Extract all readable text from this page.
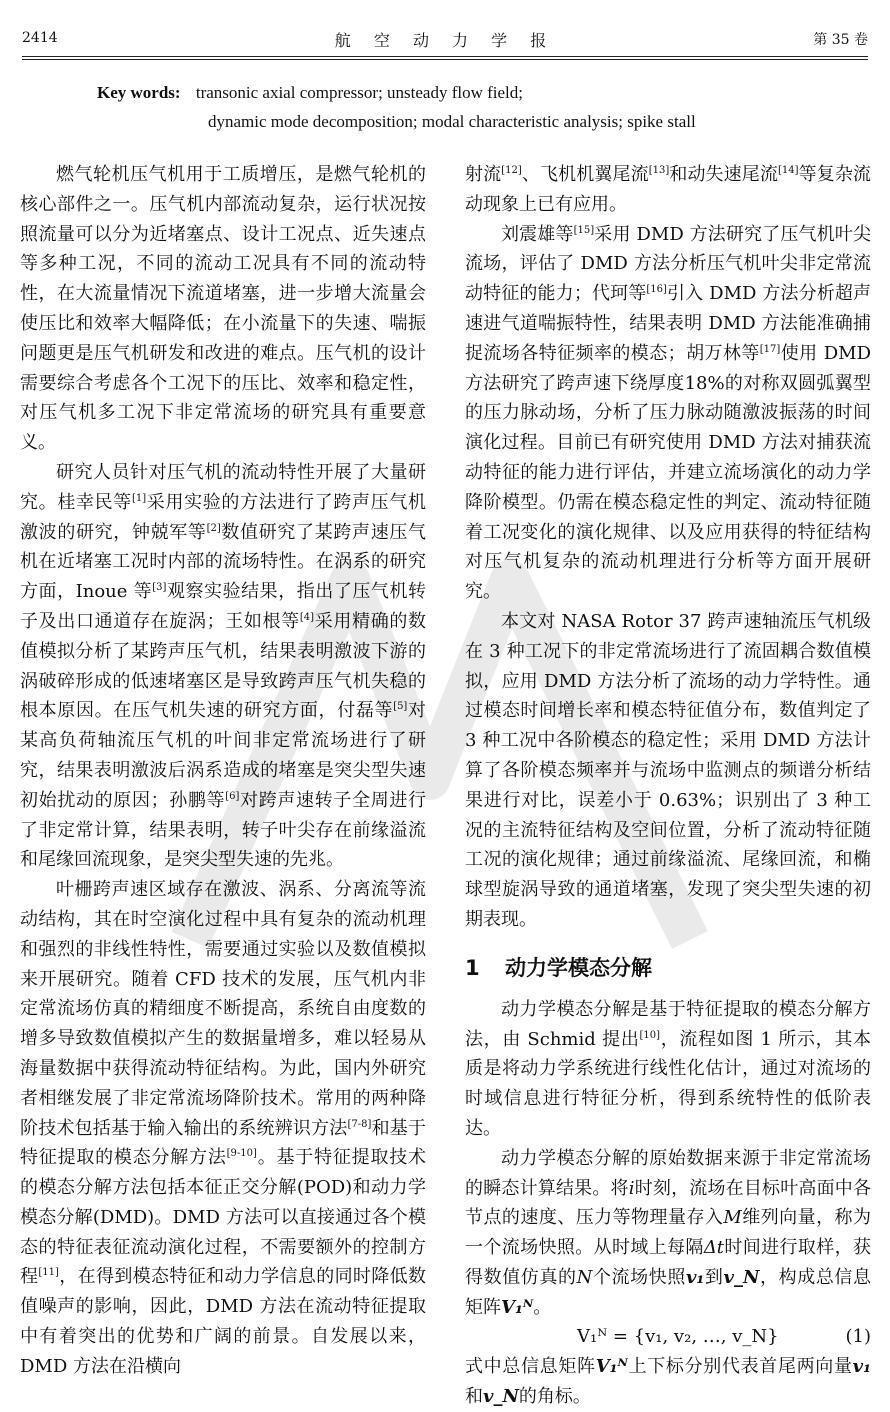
2414	航 空 动 力 学 报	第 35 卷
Key words: transonic axial compressor; unsteady flow field;
dynamic mode decomposition; modal characteristic analysis; spike stall

燃气轮机压气机用于工质增压，是燃气轮机的核心部件之一。压气机内部流动复杂，运行状况按照流量可以分为近堵塞点、设计工况点、近失速点等多种工况，不同的流动工况具有不同的流动特性，在大流量情况下流道堵塞，进一步增大流量会使压比和效率大幅降低；在小流量下的失速、喘振问题更是压气机研发和改进的难点。压气机的设计需要综合考虑各个工况下的压比、效率和稳定性，对压气机多工况下非定常流场的研究具有重要意义。

研究人员针对压气机的流动特性开展了大量研究。桂幸民等[1]采用实验的方法进行了跨声压气机激波的研究，钟兢军等[2]数值研究了某跨声速压气机在近堵塞工况时内部的流场特性。在涡系的研究方面，Inoue 等[3]观察实验结果，指出了压气机转子及出口通道存在旋涡；王如根等[4]采用精确的数值模拟分析了某跨声压气机，结果表明激波下游的涡破碎形成的低速堵塞区是导致跨声压气机失稳的根本原因。在压气机失速的研究方面，付磊等[5]对某高负荷轴流压气机的叶间非定常流场进行了研究，结果表明激波后涡系造成的堵塞是突尖型失速初始扰动的原因；孙鹏等[6]对跨声速转子全周进行了非定常计算，结果表明，转子叶尖存在前缘溢流和尾缘回流现象，是突尖型失速的先兆。

叶栅跨声速区域存在激波、涡系、分离流等流动结构，其在时空演化过程中具有复杂的流动机理和强烈的非线性特性，需要通过实验以及数值模拟来开展研究。随着 CFD 技术的发展，压气机内非定常流场仿真的精细度不断提高，系统自由度数的增多导致数值模拟产生的数据量增多，难以轻易从海量数据中获得流动特征结构。为此，国内外研究者相继发展了非定常流场降阶技术。常用的两种降阶技术包括基于输入输出的系统辨识方法[7-8]和基于特征提取的模态分解方法[9-10]。基于特征提取技术的模态分解方法包括本征正交分解(POD)和动力学模态分解(DMD)。DMD 方法可以直接通过各个模态的特征表征流动演化过程，不需要额外的控制方程[11]，在得到模态特征和动力学信息的同时降低数值噪声的影响，因此，DMD 方法在流动特征提取中有着突出的优势和广阔的前景。自发展以来，DMD 方法在沿横向

射流[12]、飞机机翼尾流[13]和动失速尾流[14]等复杂流动现象上已有应用。

刘震雄等[15]采用 DMD 方法研究了压气机叶尖流场，评估了 DMD 方法分析压气机叶尖非定常流动特征的能力；代珂等[16]引入 DMD 方法分析超声速进气道喘振特性，结果表明 DMD 方法能准确捕捉流场各特征频率的模态；胡万林等[17]使用 DMD 方法研究了跨声速下绕厚度18%的对称双圆弧翼型的压力脉动场，分析了压力脉动随激波振荡的时间演化过程。目前已有研究使用 DMD 方法对捕获流动特征的能力进行评估，并建立流场演化的动力学降阶模型。仍需在模态稳定性的判定、流动特征随着工况变化的演化规律、以及应用获得的特征结构对压气机复杂的流动机理进行分析等方面开展研究。

本文对 NASA Rotor 37 跨声速轴流压气机级在 3 种工况下的非定常流场进行了流固耦合数值模拟，应用 DMD 方法分析了流场的动力学特性。通过模态时间增长率和模态特征值分布，数值判定了 3 种工况中各阶模态的稳定性；采用 DMD 方法计算了各阶模态频率并与流场中监测点的频谱分析结果进行对比，误差小于 0.63%；识别出了 3 种工况的主流特征结构及空间位置，分析了流动特征随工况的演化规律；通过前缘溢流、尾缘回流，和椭球型旋涡导致的通道堵塞，发现了突尖型失速的初期表现。

1 动力学模态分解

动力学模态分解是基于特征提取的模态分解方法，由 Schmid 提出[10]，流程如图 1 所示，其本质是将动力学系统进行线性化估计，通过对流场的时域信息进行特征分析，得到系统特性的低阶表达。

动力学模态分解的原始数据来源于非定常流场的瞬态计算结果。将i时刻，流场在目标叶高面中各节点的速度、压力等物理量存入M维列向量，称为一个流场快照。从时域上每隔Δt时间进行取样，获得数值仿真的N个流场快照v₁到v_N，构成总信息矩阵V₁ᴺ。

V₁ᴺ = {v₁, v₂, …, v_N}	(1)

式中总信息矩阵V₁ᴺ上下标分别代表首尾两向量v₁和v_N的角标。
